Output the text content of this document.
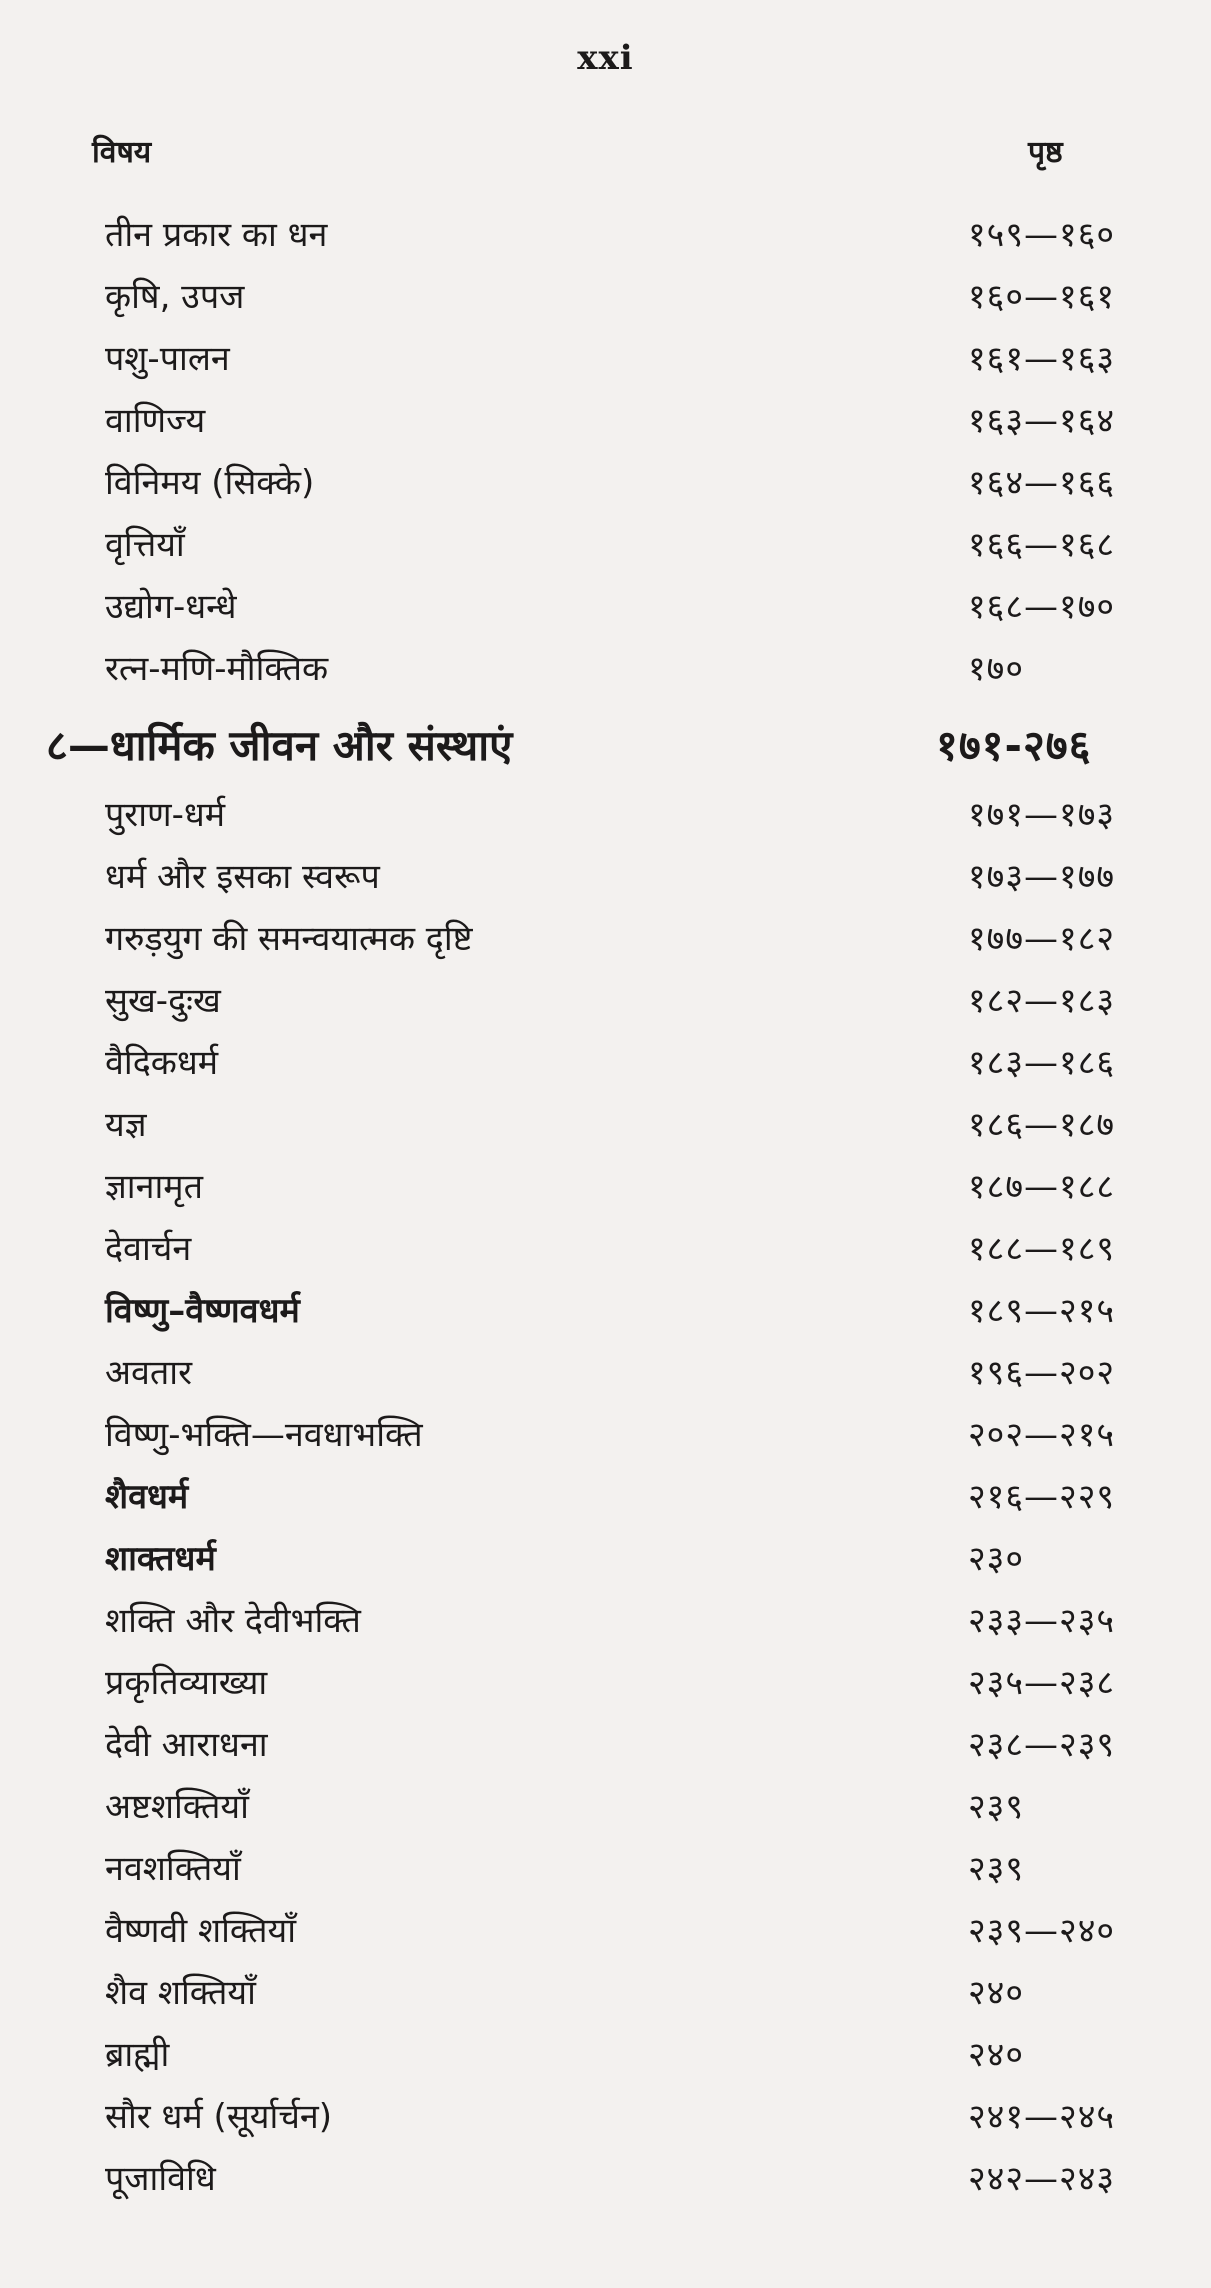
xxi
विषय	पृष्ठ
तीन प्रकार का धन	१५९—१६०
कृषि, उपज	१६०—१६१
पशु-पालन	१६१—१६३
वाणिज्य	१६३—१६४
विनिमय (सिक्के)	१६४—१६६
वृत्तियाँ	१६६—१६८
उद्योग-धन्धे	१६८—१७०
रत्न-मणि-मौक्तिक	१७०
८—धार्मिक जीवन और संस्थाएं	१७१-२७६
पुराण-धर्म	१७१—१७३
धर्म और इसका स्वरूप	१७३—१७७
गरुड़युग की समन्वयात्मक दृष्टि	१७७—१८२
सुख-दुःख	१८२—१८३
वैदिकधर्म	१८३—१८६
यज्ञ	१८६—१८७
ज्ञानामृत	१८७—१८८
देवार्चन	१८८—१८९
विष्णु–वैष्णवधर्म	१८९—२१५
अवतार	१९६—२०२
विष्णु-भक्ति—नवधाभक्ति	२०२—२१५
शैवधर्म	२१६—२२९
शाक्तधर्म	२३०
शक्ति और देवीभक्ति	२३३—२३५
प्रकृतिव्याख्या	२३५—२३८
देवी आराधना	२३८—२३९
अष्टशक्तियाँ	२३९
नवशक्तियाँ	२३९
वैष्णवी शक्तियाँ	२३९—२४०
शैव शक्तियाँ	२४०
ब्राह्मी	२४०
सौर धर्म (सूर्यार्चन)	२४१—२४५
पूजाविधि	२४२—२४३
